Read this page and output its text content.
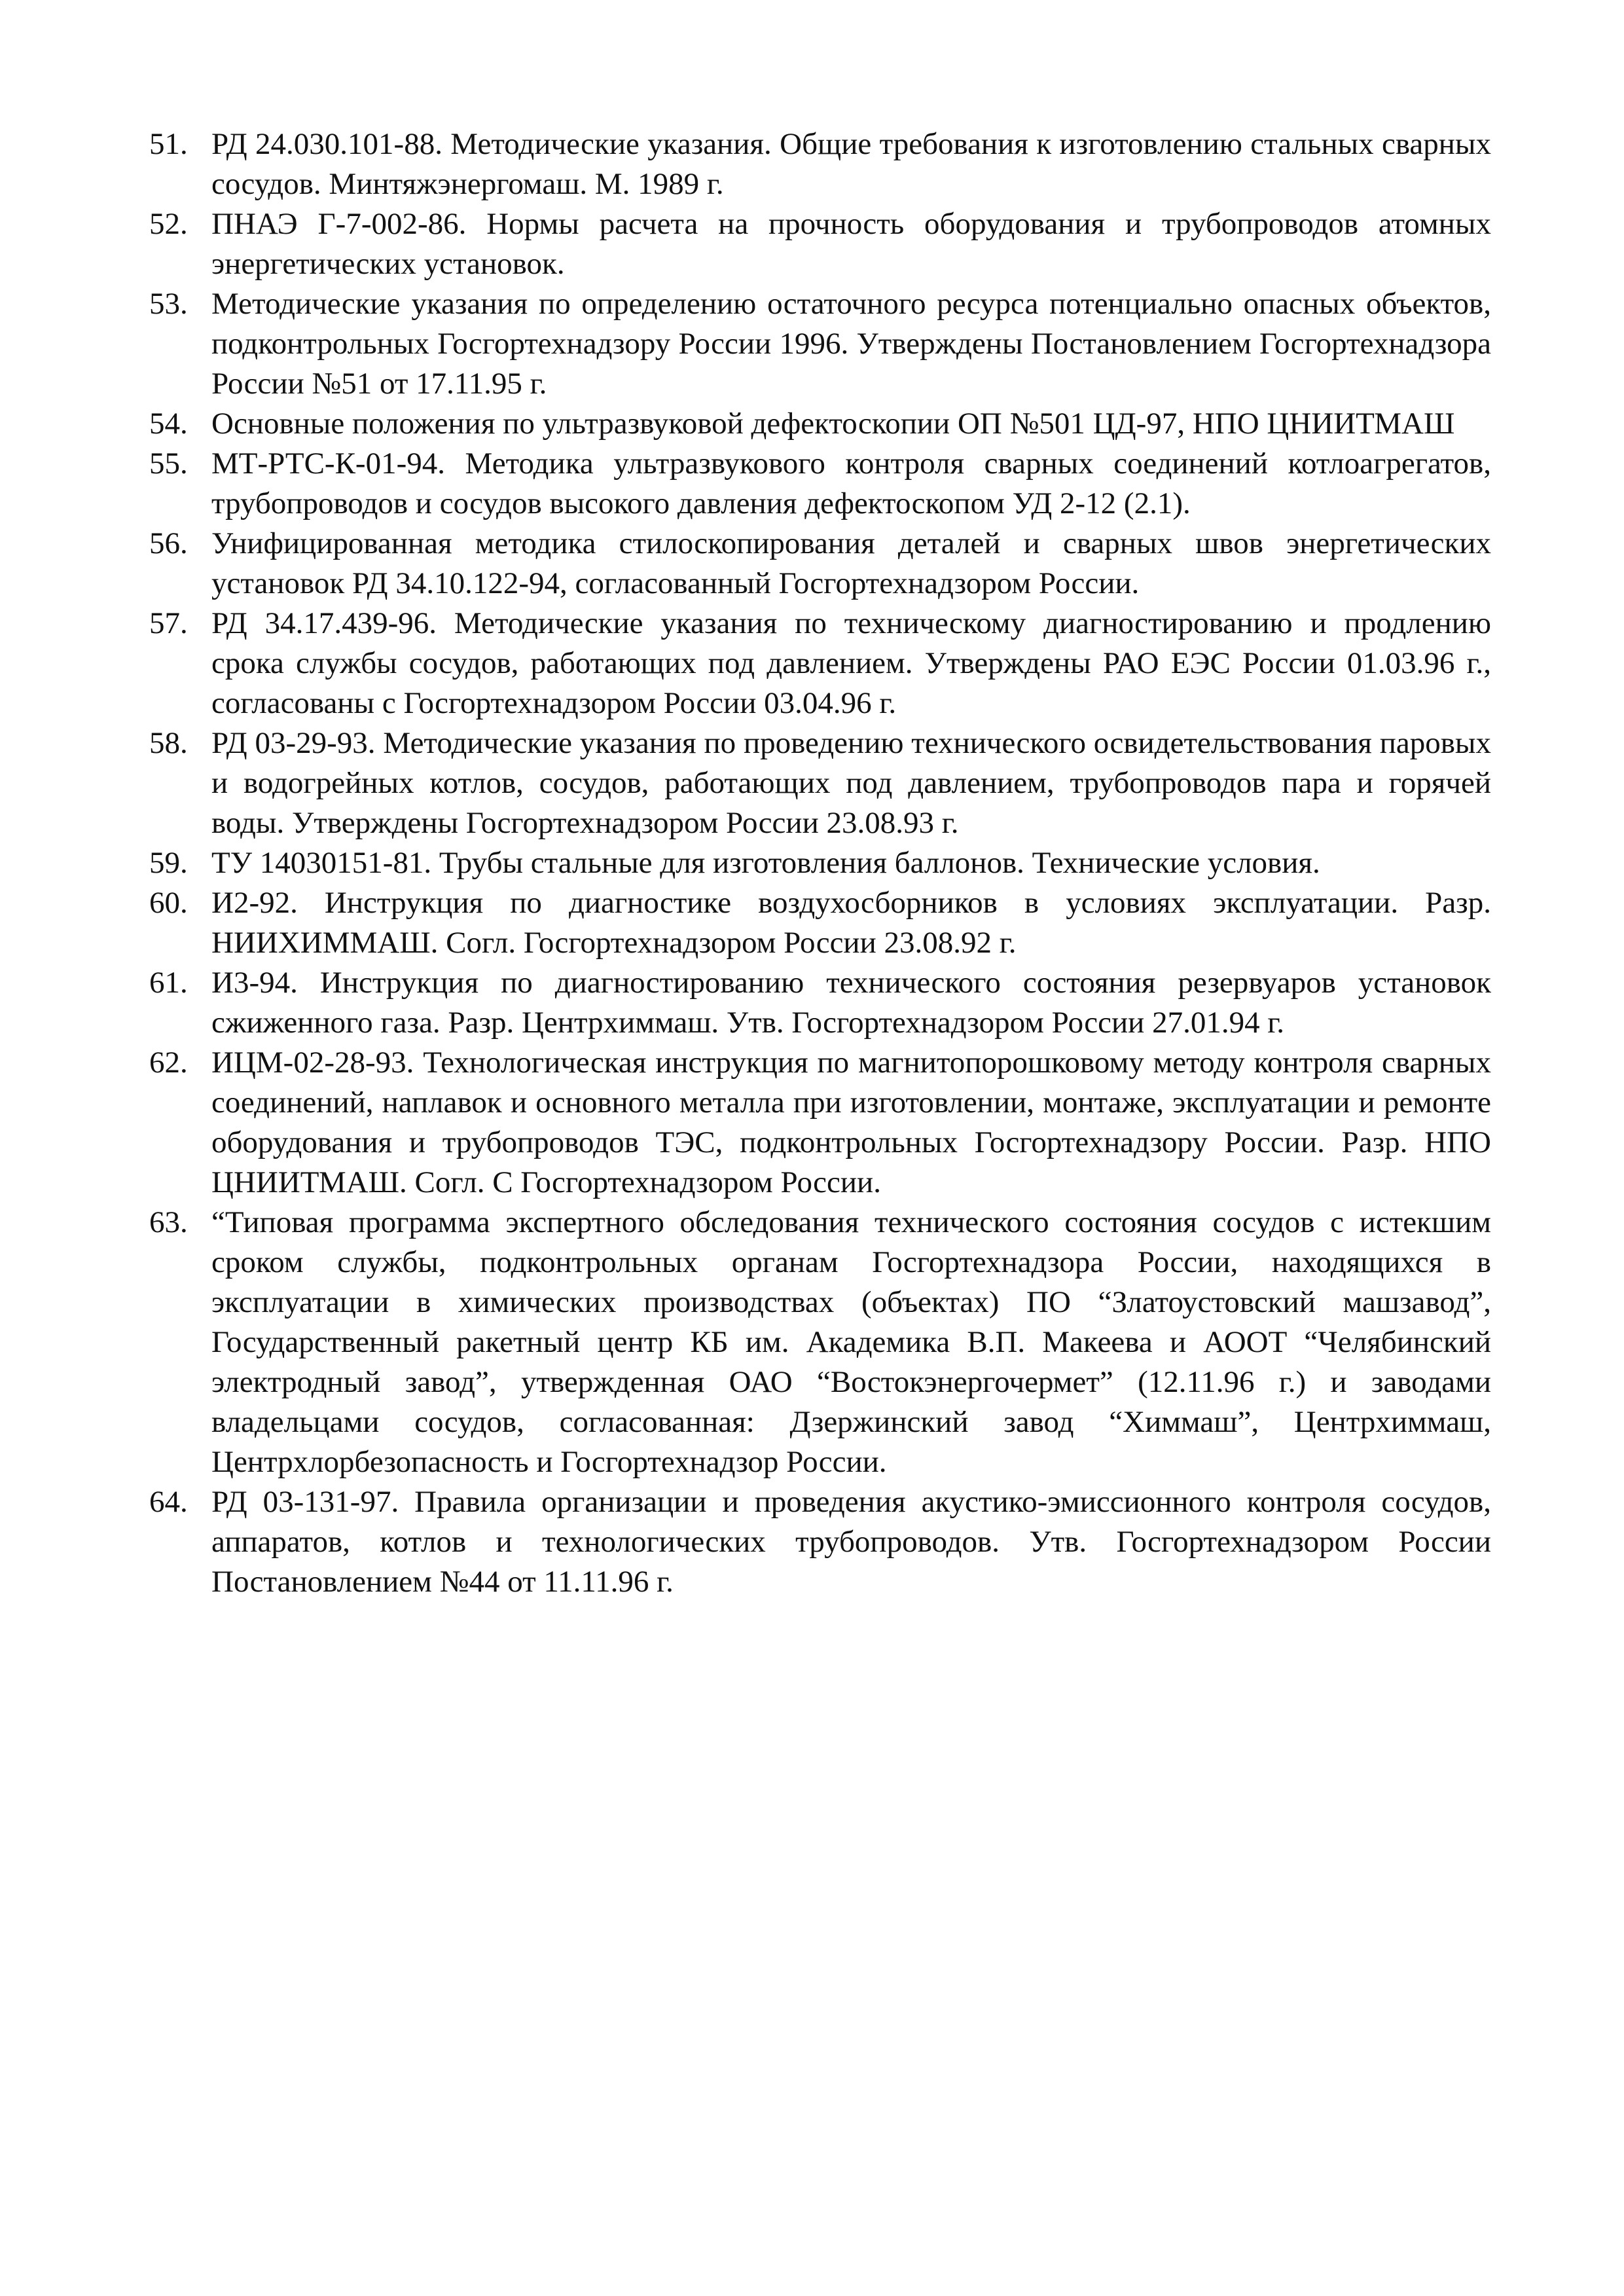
51. РД 24.030.101-88. Методические указания. Общие требования к изготовлению стальных сварных сосудов. Минтяжэнергомаш. М. 1989 г.
52. ПНАЭ Г-7-002-86. Нормы расчета на прочность оборудования и трубопроводов атомных энергетических установок.
53. Методические указания по определению остаточного ресурса потенциально опасных объектов, подконтрольных Госгортехнадзору России 1996. Утверждены Постановлением Госгортехнадзора России №51 от 17.11.95 г.
54. Основные положения по ультразвуковой дефектоскопии ОП №501 ЦД-97, НПО ЦНИИТМАШ
55. МТ-РТС-К-01-94. Методика ультразвукового контроля сварных соединений котлоагрегатов, трубопроводов и сосудов высокого давления дефектоскопом УД 2-12 (2.1).
56. Унифицированная методика стилоскопирования деталей и сварных швов энергетических установок РД 34.10.122-94, согласованный Госгортехнадзором России.
57. РД 34.17.439-96. Методические указания по техническому диагностированию и продлению срока службы сосудов, работающих под давлением. Утверждены РАО ЕЭС России 01.03.96 г., согласованы с Госгортехнадзором России 03.04.96 г.
58. РД 03-29-93. Методические указания по проведению технического освидетельствования паровых и водогрейных котлов, сосудов, работающих под давлением, трубопроводов пара и горячей воды. Утверждены Госгортехнадзором России 23.08.93 г.
59. ТУ 14030151-81. Трубы стальные для изготовления баллонов. Технические условия.
60. И2-92. Инструкция по диагностике воздухосборников в условиях эксплуатации. Разр. НИИХИММАШ. Согл. Госгортехнадзором России 23.08.92 г.
61. И3-94. Инструкция по диагностированию технического состояния резервуаров установок сжиженного газа. Разр. Центрхиммаш. Утв. Госгортехнадзором России 27.01.94 г.
62. ИЦМ-02-28-93. Технологическая инструкция по магнитопорошковому методу контроля сварных соединений, наплавок и основного металла при изготовлении, монтаже, эксплуатации и ремонте оборудования и трубопроводов ТЭС, подконтрольных Госгортехнадзору России. Разр. НПО ЦНИИТМАШ. Согл. С Госгортехнадзором России.
63. “Типовая программа экспертного обследования технического состояния сосудов с истекшим сроком службы, подконтрольных органам Госгортехнадзора России, находящихся в эксплуатации в химических производствах (объектах) ПО “Златоустовский машзавод”, Государственный ракетный центр КБ им. Академика В.П. Макеева и АООТ “Челябинский электродный завод”, утвержденная ОАО “Востокэнергочермет” (12.11.96 г.) и заводами владельцами сосудов, согласованная: Дзержинский завод “Химмаш”, Центрхиммаш, Центрхлорбезопасность и Госгортехнадзор России.
64. РД 03-131-97. Правила организации и проведения акустико-эмиссионного контроля сосудов, аппаратов, котлов и технологических трубопроводов. Утв. Госгортехнадзором России Постановлением №44 от 11.11.96 г.
